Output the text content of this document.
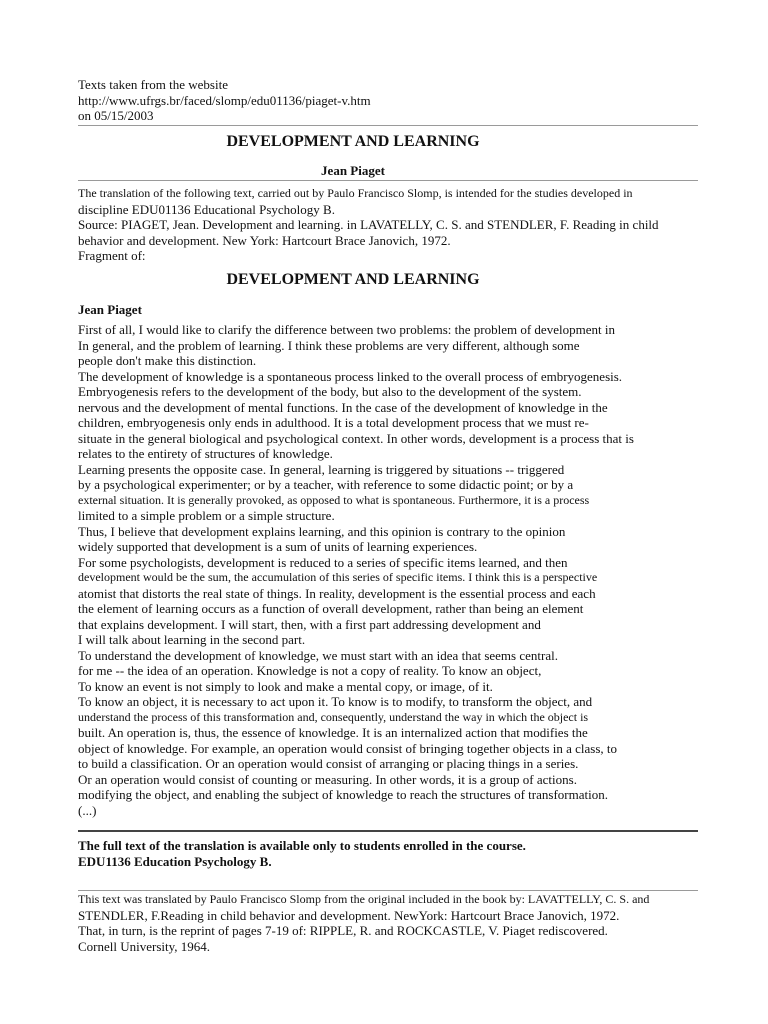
Texts taken from the website
http://www.ufrgs.br/faced/slomp/edu01136/piaget-v.htm
on 05/15/2003
DEVELOPMENT AND LEARNING
Jean Piaget
The translation of the following text, carried out by Paulo Francisco Slomp, is intended for the studies developed in
discipline EDU01136 Educational Psychology B.
Source: PIAGET, Jean. Development and learning. in LAVATELLY, C. S. and STENDLER, F. Reading in child
behavior and development. New York: Hartcourt Brace Janovich, 1972.
Fragment of:
DEVELOPMENT AND LEARNING
Jean Piaget
First of all, I would like to clarify the difference between two problems: the problem of development in
In general, and the problem of learning. I think these problems are very different, although some
people don't make this distinction.
The development of knowledge is a spontaneous process linked to the overall process of embryogenesis.
Embryogenesis refers to the development of the body, but also to the development of the system.
nervous and the development of mental functions. In the case of the development of knowledge in the
children, embryogenesis only ends in adulthood. It is a total development process that we must re-
situate in the general biological and psychological context. In other words, development is a process that is
relates to the entirety of structures of knowledge.
Learning presents the opposite case. In general, learning is triggered by situations -- triggered
by a psychological experimenter; or by a teacher, with reference to some didactic point; or by a
external situation. It is generally provoked, as opposed to what is spontaneous. Furthermore, it is a process
limited to a simple problem or a simple structure.
Thus, I believe that development explains learning, and this opinion is contrary to the opinion
widely supported that development is a sum of units of learning experiences.
For some psychologists, development is reduced to a series of specific items learned, and then
development would be the sum, the accumulation of this series of specific items. I think this is a perspective
atomist that distorts the real state of things. In reality, development is the essential process and each
the element of learning occurs as a function of overall development, rather than being an element
that explains development. I will start, then, with a first part addressing development and
I will talk about learning in the second part.
To understand the development of knowledge, we must start with an idea that seems central.
for me -- the idea of an operation. Knowledge is not a copy of reality. To know an object,
To know an event is not simply to look and make a mental copy, or image, of it.
To know an object, it is necessary to act upon it. To know is to modify, to transform the object, and
understand the process of this transformation and, consequently, understand the way in which the object is
built. An operation is, thus, the essence of knowledge. It is an internalized action that modifies the
object of knowledge. For example, an operation would consist of bringing together objects in a class, to
to build a classification. Or an operation would consist of arranging or placing things in a series.
Or an operation would consist of counting or measuring. In other words, it is a group of actions.
modifying the object, and enabling the subject of knowledge to reach the structures of transformation.
(...)
The full text of the translation is available only to students enrolled in the course.
EDU1136 Education Psychology B.
This text was translated by Paulo Francisco Slomp from the original included in the book by: LAVATTELLY, C. S. and
STENDLER, F.Reading in child behavior and development. NewYork: Hartcourt Brace Janovich, 1972.
That, in turn, is the reprint of pages 7-19 of: RIPPLE, R. and ROCKCASTLE, V. Piaget rediscovered.
Cornell University, 1964.
